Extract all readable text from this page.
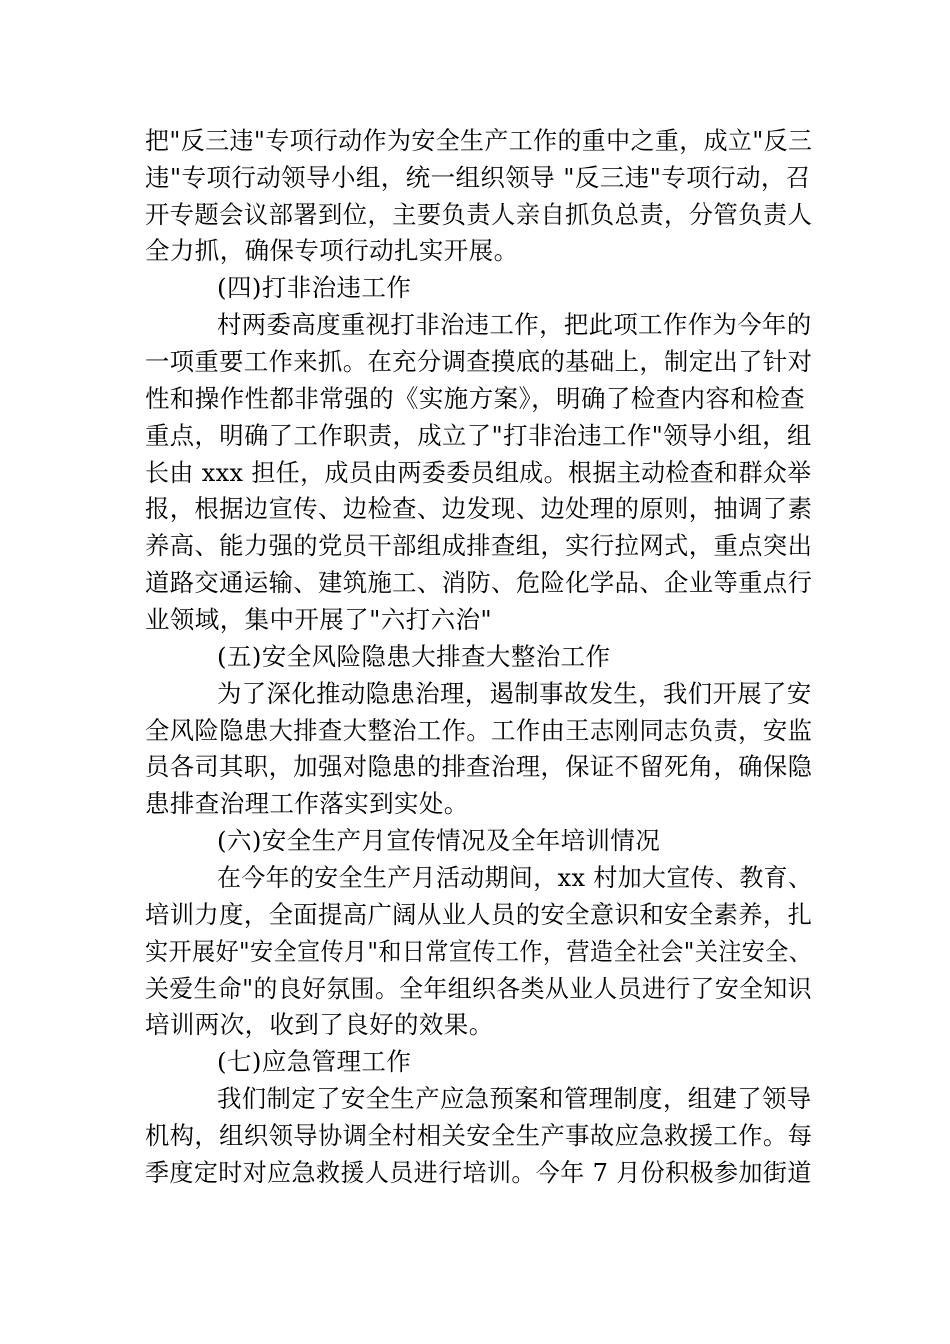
把"反三违"专项行动作为安全生产工作的重中之重，成立"反三
违"专项行动领导小组，统一组织领导 "反三违"专项行动，召
开专题会议部署到位，主要负责人亲自抓负总责，分管负责人
全力抓，确保专项行动扎实开展。
(四)打非治违工作
村两委高度重视打非治违工作，把此项工作作为今年的
一项重要工作来抓。在充分调查摸底的基础上，制定出了针对
性和操作性都非常强的《实施方案》，明确了检查内容和检查
重点，明确了工作职责，成立了"打非治违工作"领导小组，组
长由 xxx 担任，成员由两委委员组成。根据主动检查和群众举
报，根据边宣传、边检查、边发现、边处理的原则，抽调了素
养高、能力强的党员干部组成排查组，实行拉网式，重点突出
道路交通运输、建筑施工、消防、危险化学品、企业等重点行
业领域，集中开展了"六打六治"
(五)安全风险隐患大排查大整治工作
为了深化推动隐患治理，遏制事故发生，我们开展了安
全风险隐患大排查大整治工作。工作由王志刚同志负责，安监
员各司其职，加强对隐患的排查治理，保证不留死角，确保隐
患排查治理工作落实到实处。
(六)安全生产月宣传情况及全年培训情况
在今年的安全生产月活动期间，xx 村加大宣传、教育、
培训力度，全面提高广阔从业人员的安全意识和安全素养，扎
实开展好"安全宣传月"和日常宣传工作，营造全社会"关注安全、
关爱生命"的良好氛围。全年组织各类从业人员进行了安全知识
培训两次，收到了良好的效果。
(七)应急管理工作
我们制定了安全生产应急预案和管理制度，组建了领导
机构，组织领导协调全村相关安全生产事故应急救援工作。每
季度定时对应急救援人员进行培训。今年 7 月份积极参加街道
